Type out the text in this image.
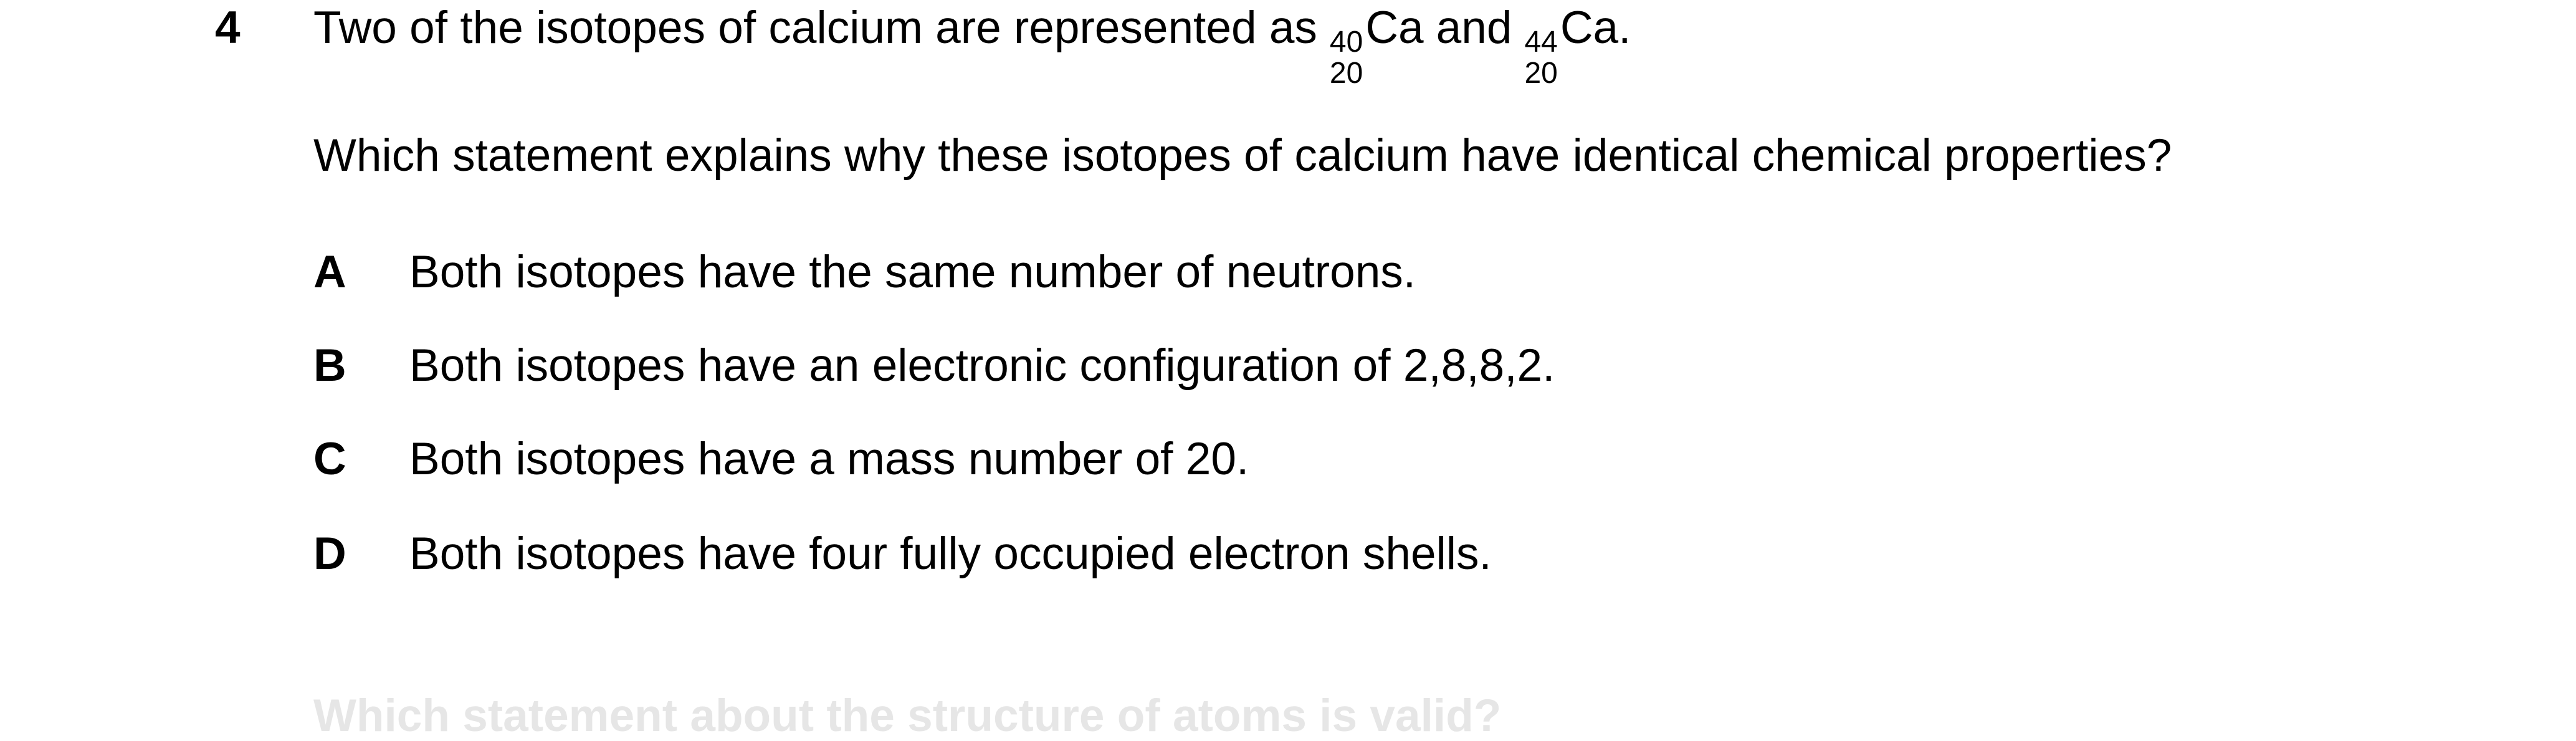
4 Two of the isotopes of calcium are represented as 40
20
Ca and 44
20
Ca .
Which statement explains why these isotopes of calcium have identical chemical properties?
A Both isotopes have the same number of neutrons.
B Both isotopes have an electronic configuration of 2,8,8,2.
C Both isotopes have a mass number of 20.
D Both isotopes have four fully occupied electron shells.
Which statement about the structure of atoms is valid?
